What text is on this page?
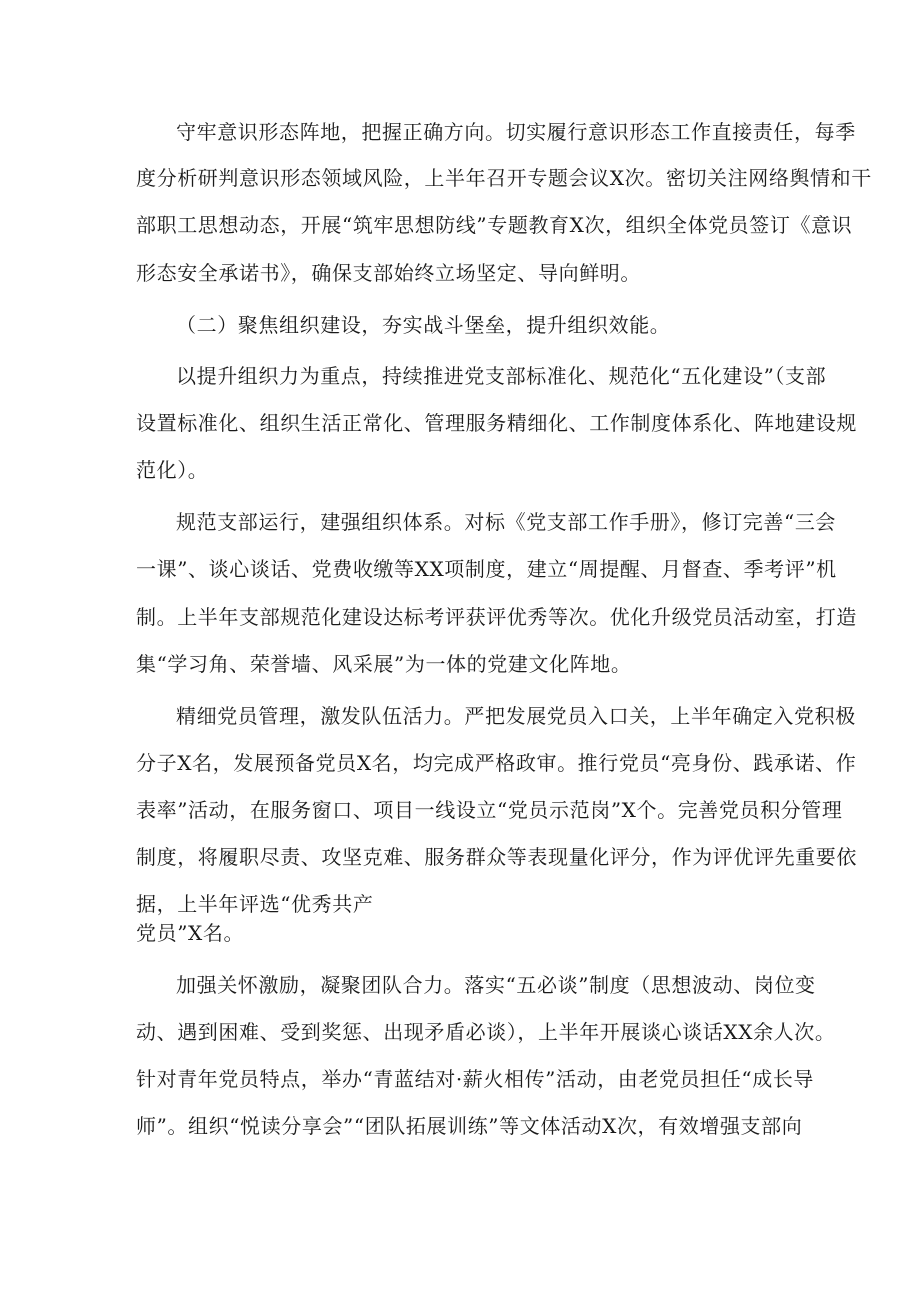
守牢意识形态阵地，把握正确方向。切实履行意识形态工作直接责任，每季
度分析研判意识形态领域风险，上半年召开专题会议X次。密切关注网络舆情和干
部职工思想动态，开展“筑牢思想防线”专题教育X次，组织全体党员签订《意识
形态安全承诺书》，确保支部始终立场坚定、导向鲜明。
（二）聚焦组织建设，夯实战斗堡垒，提升组织效能。
以提升组织力为重点，持续推进党支部标准化、规范化“五化建设”（支部
设置标准化、组织生活正常化、管理服务精细化、工作制度体系化、阵地建设规
范化）。
规范支部运行，建强组织体系。对标《党支部工作手册》，修订完善“三会
一课”、谈心谈话、党费收缴等XX项制度，建立“周提醒、月督查、季考评”机
制。上半年支部规范化建设达标考评获评优秀等次。优化升级党员活动室，打造
集“学习角、荣誉墙、风采展”为一体的党建文化阵地。
精细党员管理，激发队伍活力。严把发展党员入口关，上半年确定入党积极
分子X名，发展预备党员X名，均完成严格政审。推行党员“亮身份、践承诺、作
表率”活动，在服务窗口、项目一线设立“党员示范岗”X个。完善党员积分管理
制度，将履职尽责、攻坚克难、服务群众等表现量化评分，作为评优评先重要依
据，上半年评选“优秀共产
党员”X名。
加强关怀激励，凝聚团队合力。落实“五必谈”制度（思想波动、岗位变
动、遇到困难、受到奖惩、出现矛盾必谈），上半年开展谈心谈话XX余人次。
针对青年党员特点，举办“青蓝结对·薪火相传”活动，由老党员担任“成长导
师”。组织“悦读分享会”“团队拓展训练”等文体活动X次，有效增强支部向
